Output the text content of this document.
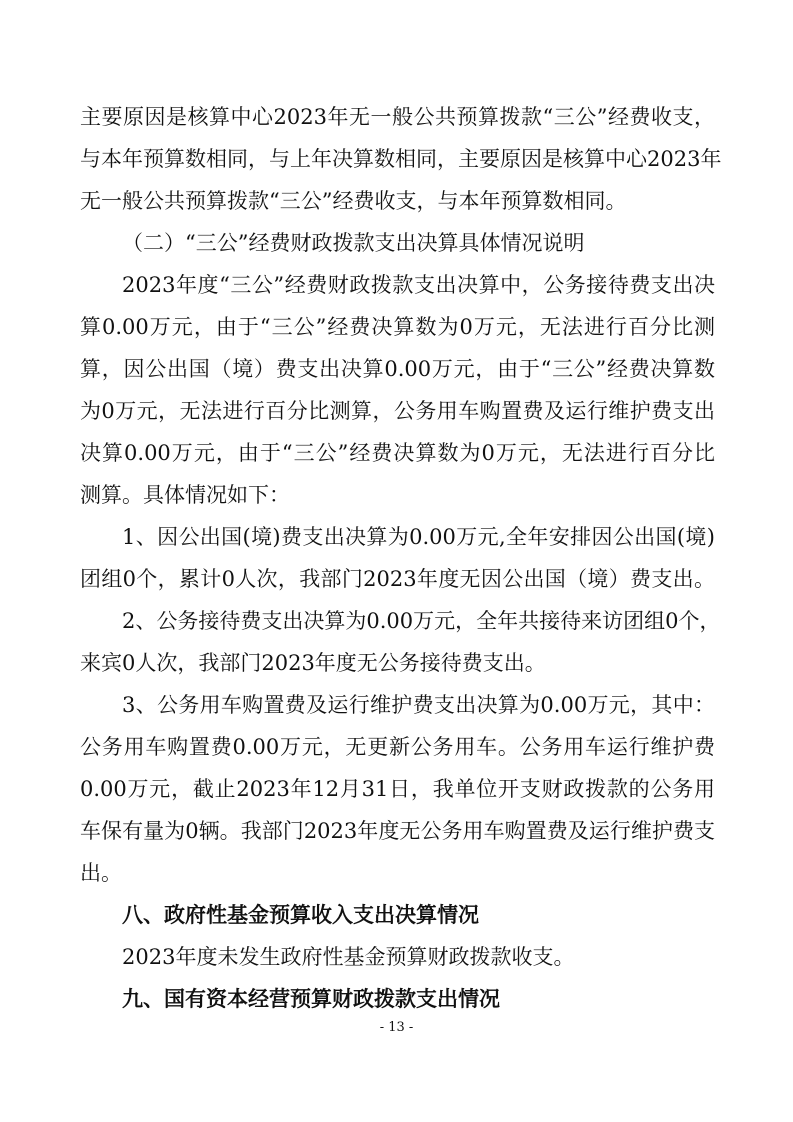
主要原因是核算中心2023年无一般公共预算拨款“三公”经费收支，
与本年预算数相同，与上年决算数相同，主要原因是核算中心2023年
无一般公共预算拨款“三公”经费收支，与本年预算数相同。
（二）“三公”经费财政拨款支出决算具体情况说明
2023年度“三公”经费财政拨款支出决算中，公务接待费支出决
算0.00万元，由于“三公”经费决算数为0万元，无法进行百分比测
算，因公出国（境）费支出决算0.00万元，由于“三公”经费决算数
为0万元，无法进行百分比测算，公务用车购置费及运行维护费支出
决算0.00万元，由于“三公”经费决算数为0万元，无法进行百分比
测算。具体情况如下：
1、因公出国(境)费支出决算为0.00万元,全年安排因公出国(境)
团组0个，累计0人次，我部门2023年度无因公出国（境）费支出。
2、公务接待费支出决算为0.00万元，全年共接待来访团组0个，
来宾0人次，我部门2023年度无公务接待费支出。
3、公务用车购置费及运行维护费支出决算为0.00万元，其中：
公务用车购置费0.00万元，无更新公务用车。公务用车运行维护费
0.00万元，截止2023年12月31日，我单位开支财政拨款的公务用
车保有量为0辆。我部门2023年度无公务用车购置费及运行维护费支
出。
八、政府性基金预算收入支出决算情况
2023年度未发生政府性基金预算财政拨款收支。
九、国有资本经营预算财政拨款支出情况
- 13 -
